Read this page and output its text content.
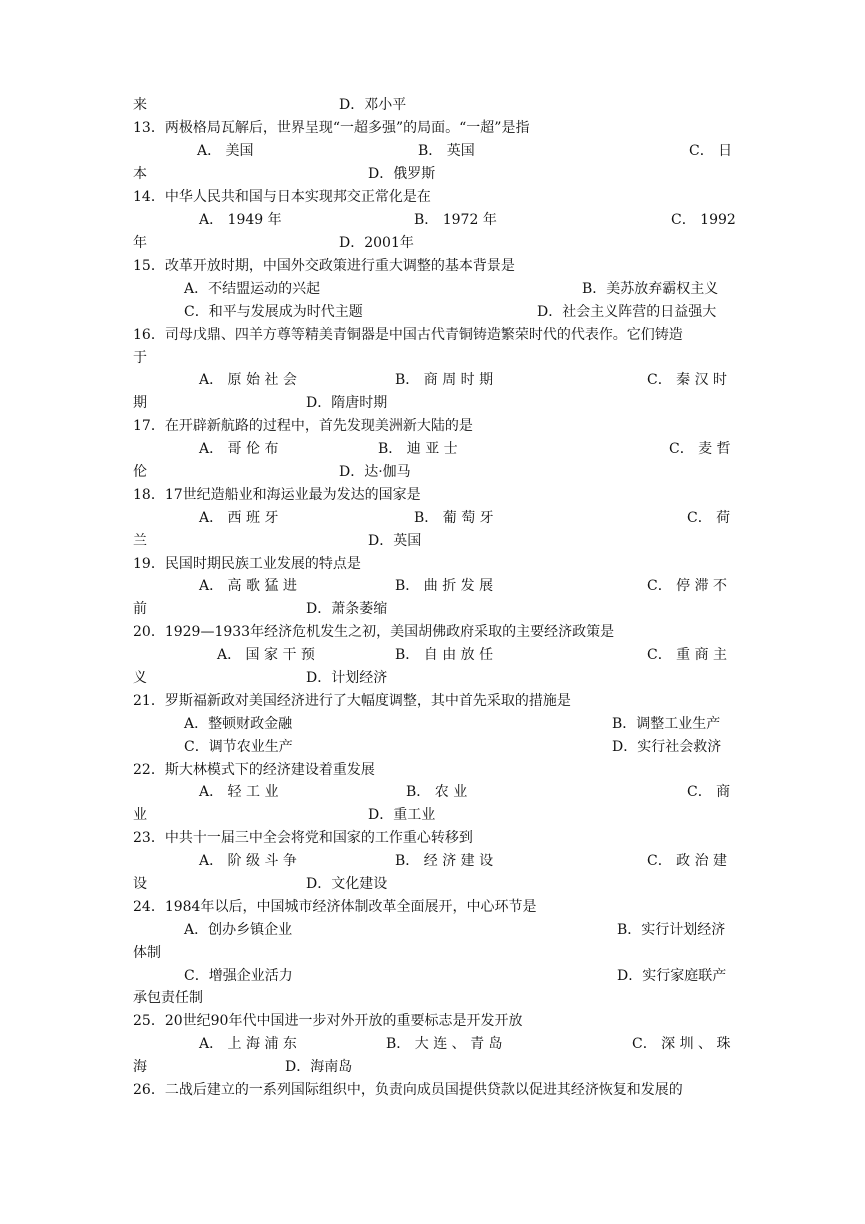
来	D．邓小平
13．两极格局瓦解后，世界呈现“一超多强”的局面。“一超”是指
A． 美国	B． 英国	C． 日
本	D．俄罗斯
14．中华人民共和国与日本实现邦交正常化是在
A． 1949 年	B． 1972 年	C． 1992
年	D．2001年
15．改革开放时期，中国外交政策进行重大调整的基本背景是
A．不结盟运动的兴起	B．美苏放弃霸权主义
C．和平与发展成为时代主题	D．社会主义阵营的日益强大
16．司母戊鼎、四羊方尊等精美青铜器是中国古代青铜铸造繁荣时代的代表作。它们铸造
于
A． 原 始 社 会	B． 商 周 时 期	C． 秦 汉 时
期	D．隋唐时期
17．在开辟新航路的过程中，首先发现美洲新大陆的是
A． 哥 伦 布	B． 迪 亚 士	C． 麦 哲
伦	D．达·伽马
18．17世纪造船业和海运业最为发达的国家是
A． 西 班 牙	B． 葡 萄 牙	C． 荷
兰	D．英国
19．民国时期民族工业发展的特点是
A． 高 歌 猛 进	B． 曲 折 发 展	C． 停 滞 不
前	D．萧条萎缩
20．1929—1933年经济危机发生之初，美国胡佛政府采取的主要经济政策是
A． 国 家 干 预	B． 自 由 放 任	C． 重 商 主
义	D．计划经济
21．罗斯福新政对美国经济进行了大幅度调整，其中首先采取的措施是
A．整顿财政金融	B．调整工业生产
C．调节农业生产	D．实行社会救济
22．斯大林模式下的经济建设着重发展
A． 轻 工 业	B． 农 业	C． 商
业	D．重工业
23．中共十一届三中全会将党和国家的工作重心转移到
A． 阶 级 斗 争	B． 经 济 建 设	C． 政 治 建
设	D．文化建设
24．1984年以后，中国城市经济体制改革全面展开，中心环节是
A．创办乡镇企业	B．实行计划经济
体制
C．增强企业活力	D．实行家庭联产
承包责任制
25．20世纪90年代中国进一步对外开放的重要标志是开发开放
A． 上 海 浦 东	B． 大 连 、 青 岛	C． 深 圳 、 珠
海	D．海南岛
26．二战后建立的一系列国际组织中，负责向成员国提供贷款以促进其经济恢复和发展的
